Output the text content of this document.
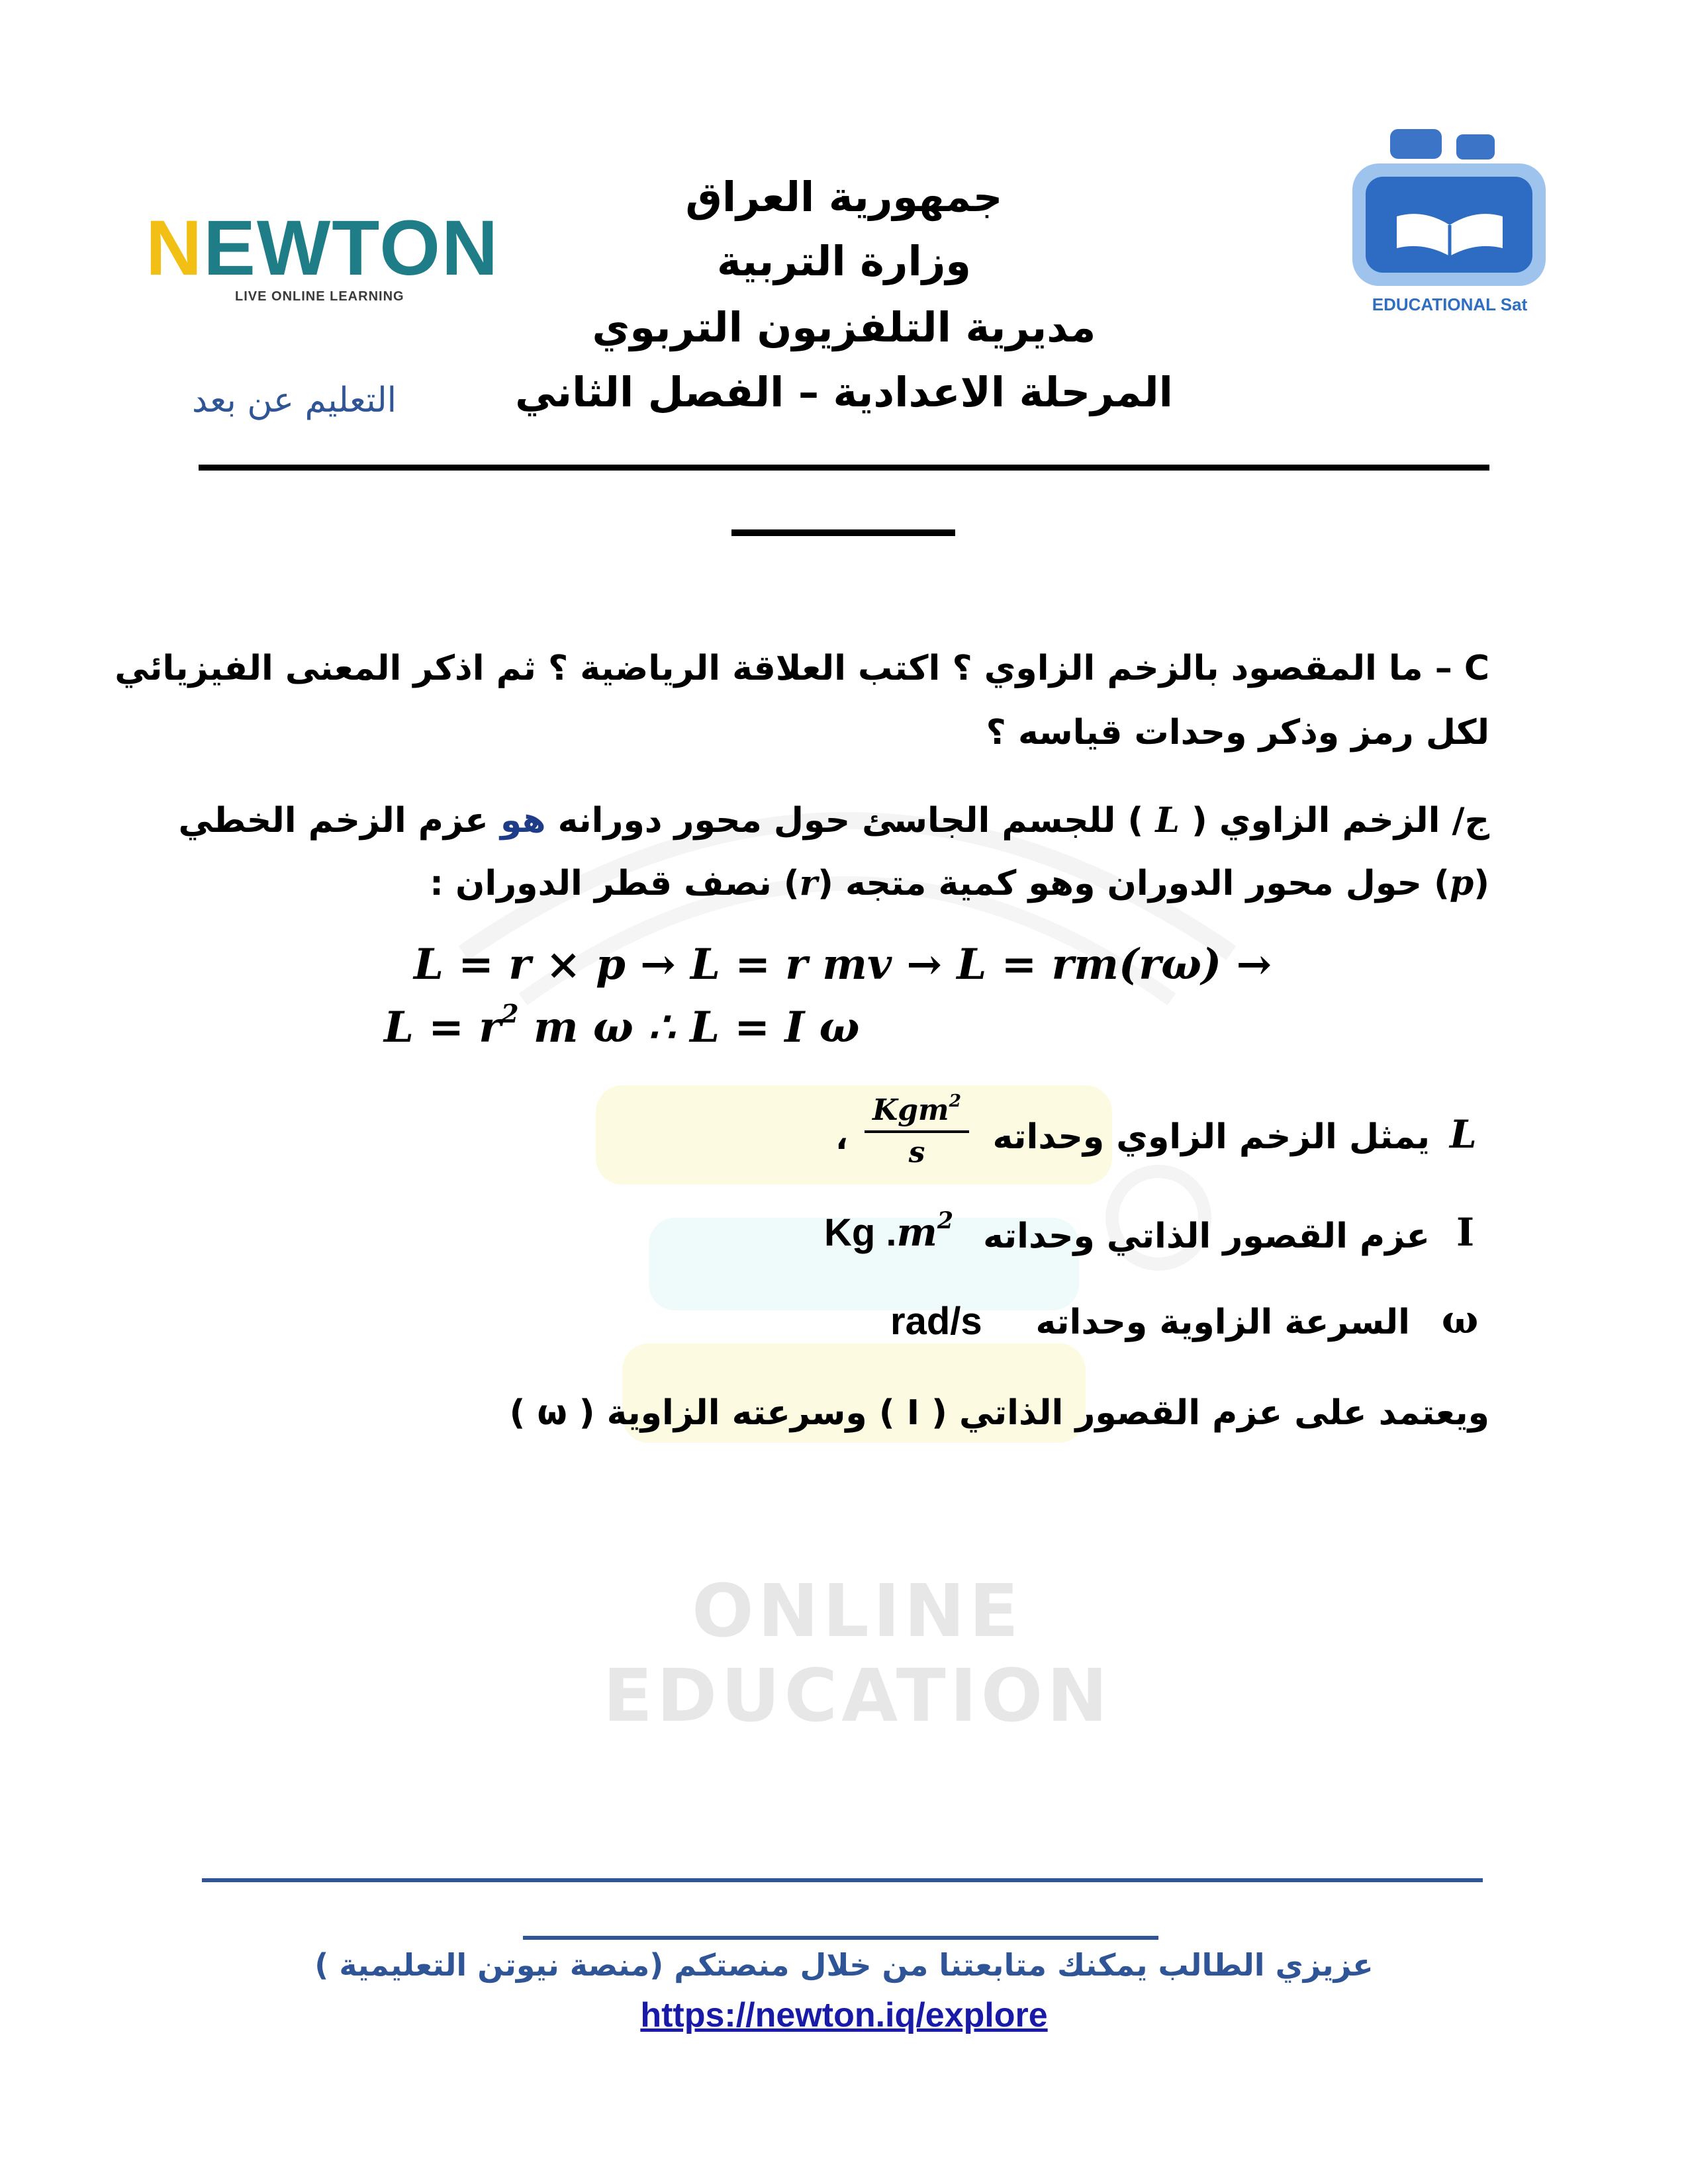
ONLINE EDUCATION
NEWTON
LIVE ONLINE LEARNING	EDUCATIONAL Sat
جمهورية العراق
وزارة التربية
مديرية التلفزيون التربوي
المرحلة الاعدادية – الفصل الثاني
التعليم عن بعد
C – ما المقصود بالزخم الزاوي ؟ اكتب العلاقة الرياضية ؟ ثم اذكر المعنى الفيزيائي
لكل رمز وذكر وحدات قياسه ؟
ج/ الزخم الزاوي ( L ) للجسم الجاسئ حول محور دورانه هو عزم الزخم الخطي
(p) حول محور الدوران وهو كمية متجه (r) نصف قطر الدوران :
L = r × p → L = r mv → L = rm(rω) →
$L = r^2$ m ω ∴ L = I ω
L
يمثل الزخم الزاوي وحداته
،
Kgm$^2$
s
I
عزم القصور الذاتي وحداته
Kg $.m^2$
ω
السرعة الزاوية وحداته
rad/s
ويعتمد على عزم القصور الذاتي ( I ) وسرعته الزاوية ( ω )
عزيزي الطالب يمكنك متابعتنا من خلال منصتكم (منصة نيوتن التعليمية )
https://newton.iq/explore
